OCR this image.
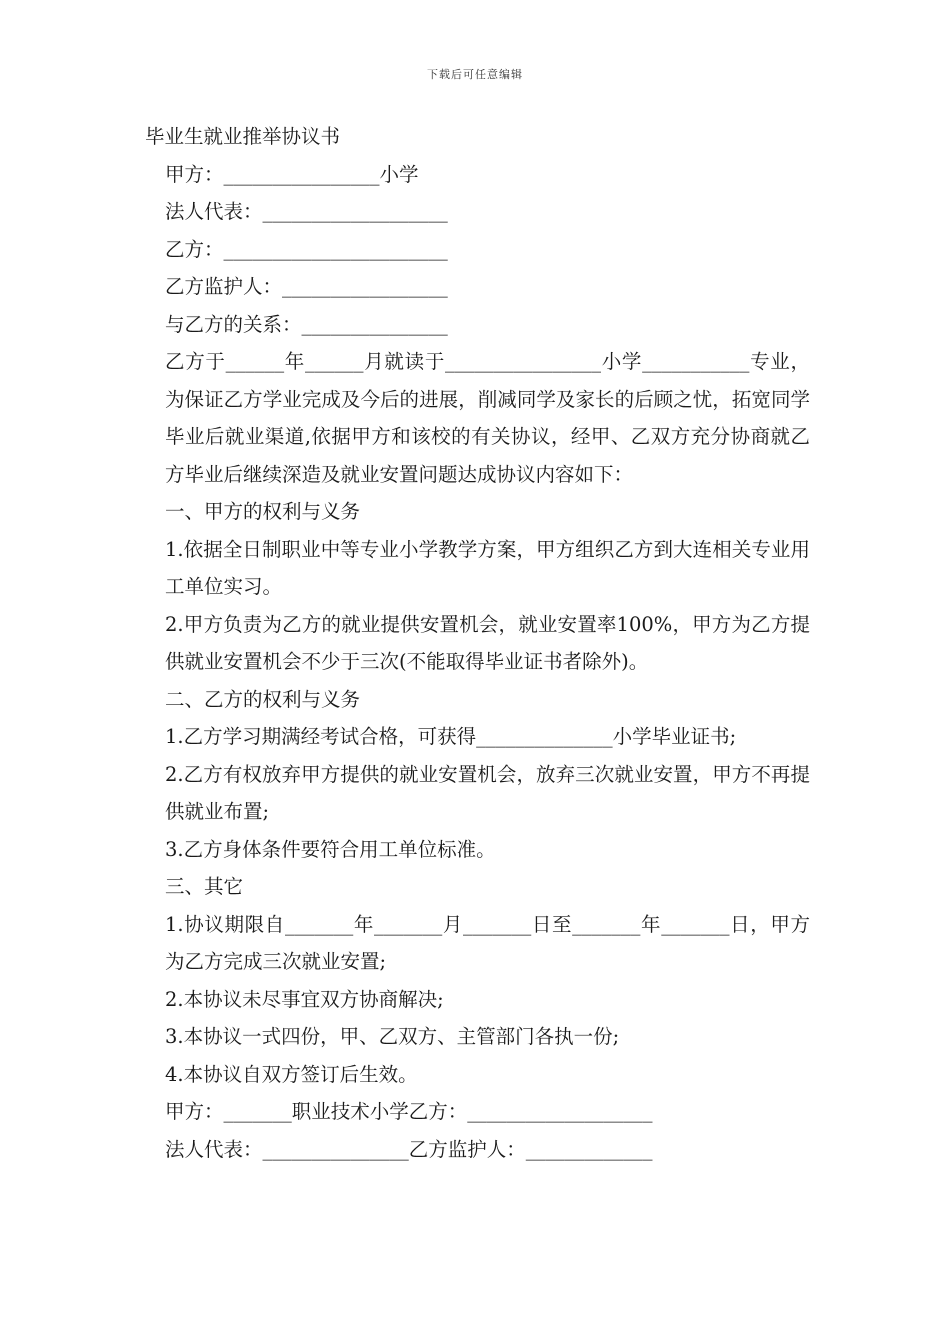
下载后可任意编辑
毕业生就业推举协议书
甲方：________________小学
法人代表：___________________
乙方：_______________________
乙方监护人：_________________
与乙方的关系：_______________
乙方于______年______月就读于________________小学___________专业，为保证乙方学业完成及今后的进展，削减同学及家长的后顾之忧，拓宽同学毕业后就业渠道,依据甲方和该校的有关协议，经甲、乙双方充分协商就乙方毕业后继续深造及就业安置问题达成协议内容如下：
一、甲方的权利与义务
1.依据全日制职业中等专业小学教学方案，甲方组织乙方到大连相关专业用工单位实习。
2.甲方负责为乙方的就业提供安置机会，就业安置率100%，甲方为乙方提供就业安置机会不少于三次(不能取得毕业证书者除外)。
二、乙方的权利与义务
1.乙方学习期满经考试合格，可获得______________小学毕业证书;
2.乙方有权放弃甲方提供的就业安置机会，放弃三次就业安置，甲方不再提供就业布置;
3.乙方身体条件要符合用工单位标准。
三、其它
1.协议期限自_______年_______月_______日至_______年_______日，甲方为乙方完成三次就业安置;
2.本协议未尽事宜双方协商解决;
3.本协议一式四份，甲、乙双方、主管部门各执一份;
4.本协议自双方签订后生效。
甲方：_______职业技术小学乙方：___________________
法人代表：_______________乙方监护人：_____________
